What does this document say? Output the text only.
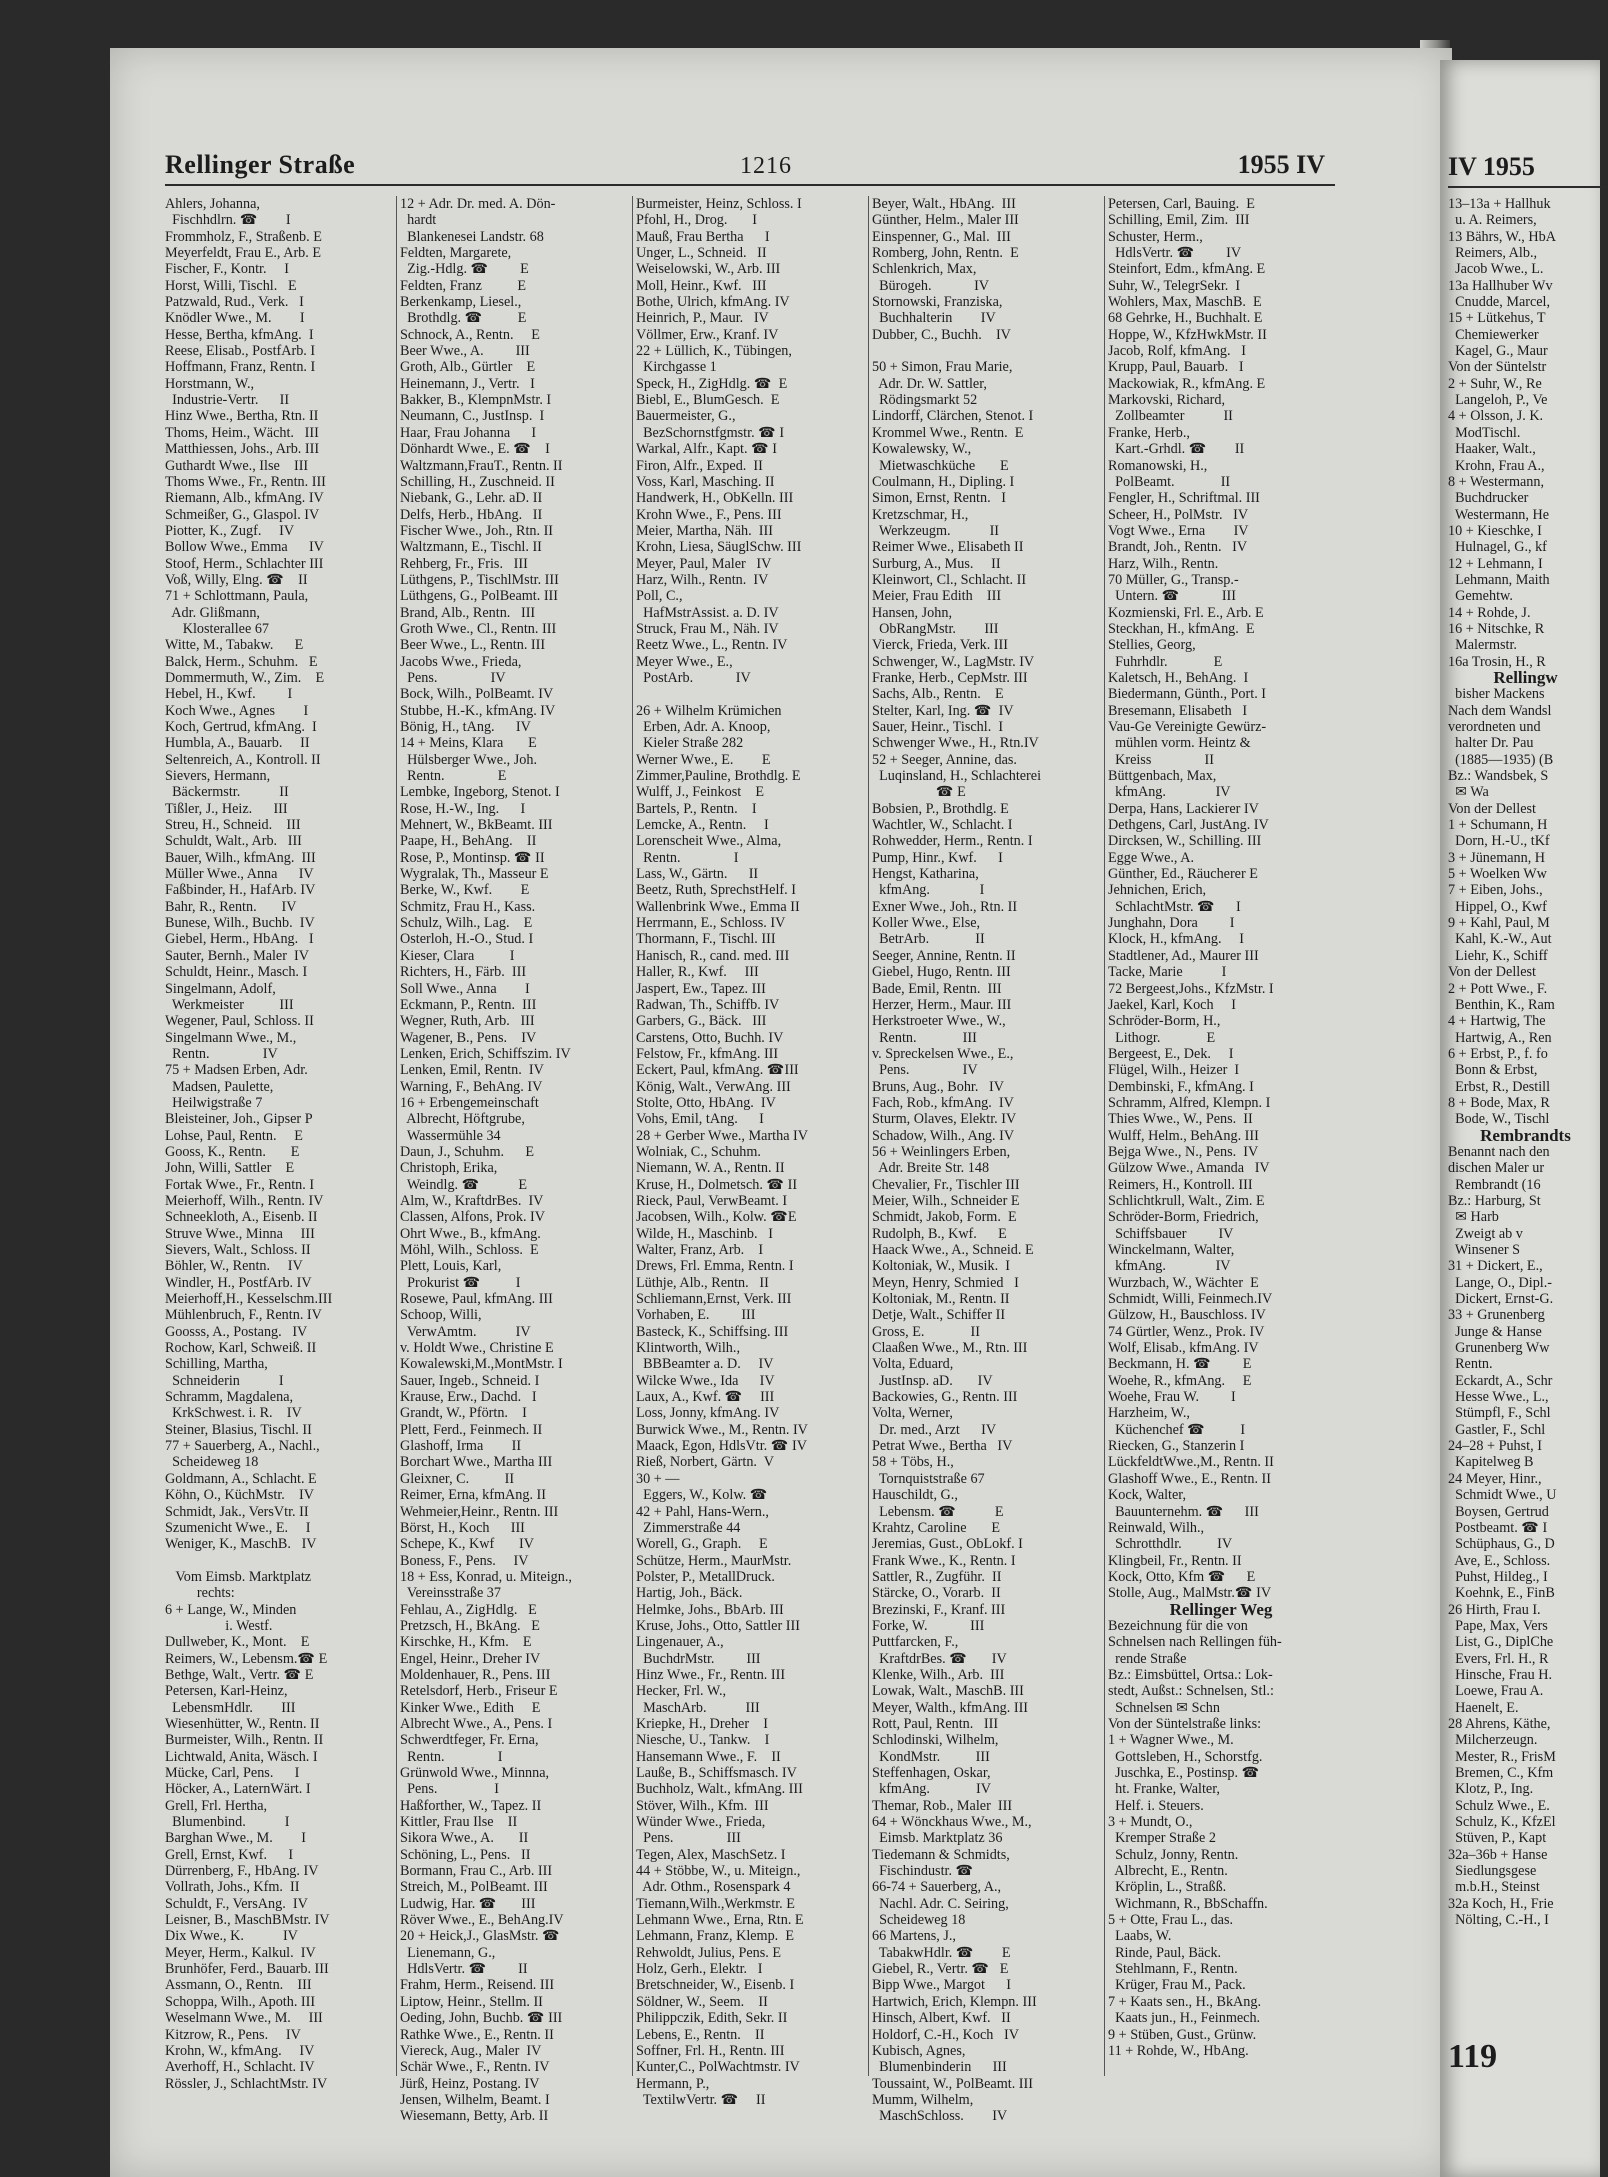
Rellinger Straße	1216	1955 IV	IV 1955
Ahlers, Johanna,
Fischhdlrn. ☎        I
Frommholz, F., Straßenb. E
Meyerfeldt, Frau E., Arb. E
Fischer, F., Kontr.     I
Horst, Willi, Tischl.   E
Patzwald, Rud., Verk.   I
Knödler Wwe., M.        I
Hesse, Bertha, kfmAng.  I
Reese, Elisab., PostfArb. I
Hoffmann, Franz, Rentn. I
Horstmann, W.,
Industrie-Vertr.      II
Hinz Wwe., Bertha, Rtn. II
Thoms, Heim., Wächt.   III
Matthiessen, Johs., Arb. III
Guthardt Wwe., Ilse    III
Thoms Wwe., Fr., Rentn. III
Riemann, Alb., kfmAng. IV
Schmeißer, G., Glaspol. IV
Piotter, K., Zugf.     IV
Bollow Wwe., Emma      IV
Stoof, Herm., Schlachter III
Voß, Willy, Elng. ☎    II
71 + Schlottmann, Paula,
Adr. Glißmann,
Klosterallee 67
Witte, M., Tabakw.      E
Balck, Herm., Schuhm.   E
Dommermuth, W., Zim.    E
Hebel, H., Kwf.         I
Koch Wwe., Agnes        I
Koch, Gertrud, kfmAng.  I
Humbla, A., Bauarb.     II
Seltenreich, A., Kontroll. II
Sievers, Hermann,
Bäckermstr.           II
Tißler, J., Heiz.      III
Streu, H., Schneid.    III
Schuldt, Walt., Arb.   III
Bauer, Wilh., kfmAng.  III
Müller Wwe., Anna      IV
Faßbinder, H., HafArb. IV
Bahr, R., Rentn.       IV
Bunese, Wilh., Buchb.  IV
Giebel, Herm., HbAng.   I
Sauter, Bernh., Maler  IV
Schuldt, Heinr., Masch. I
Singelmann, Adolf,
Werkmeister          III
Wegener, Paul, Schloss. II
Singelmann Wwe., M.,
Rentn.               IV
75 + Madsen Erben, Adr.
Madsen, Paulette,
Heilwigstraße 7
Bleisteiner, Joh., Gipser P
Lohse, Paul, Rentn.     E
Gooss, K., Rentn.       E
John, Willi, Sattler    E
Fortak Wwe., Fr., Rentn. I
Meierhoff, Wilh., Rentn. IV
Schneekloth, A., Eisenb. II
Struve Wwe., Minna     III
Sievers, Walt., Schloss. II
Böhler, W., Rentn.     IV
Windler, H., PostfArb. IV
Meierhoff,H., Kesselschm.III
Mühlenbruch, F., Rentn. IV
Goosss, A., Postang.   IV
Rochow, Karl, Schweiß. II
Schilling, Martha,
Schneiderin           I
Schramm, Magdalena,
KrkSchwest. i. R.    IV
Steiner, Blasius, Tischl. II
77 + Sauerberg, A., Nachl.,
Scheideweg 18
Goldmann, A., Schlacht. E
Köhn, O., KüchMstr.    IV
Schmidt, Jak., VersVtr. II
Szumenicht Wwe., E.     I
Weniger, K., MaschB.   IV
Vom Eimsb. Marktplatz
rechts:
6 + Lange, W., Minden
i. Westf.
Dullweber, K., Mont.    E
Reimers, W., Lebensm.☎ E
Bethge, Walt., Vertr. ☎ E
Petersen, Karl-Heinz,
LebensmHdlr.        III
Wiesenhütter, W., Rentn. II
Burmeister, Wilh., Rentn. II
Lichtwald, Anita, Wäsch. I
Mücke, Carl, Pens.      I
Höcker, A., LaternWärt. I
Grell, Frl. Hertha,
Blumenbind.           I
Barghan Wwe., M.        I
Grell, Ernst, Kwf.      I
Dürrenberg, F., HbAng. IV
Vollrath, Johs., Kfm.  II
Schuldt, F., VersAng.  IV
Leisner, B., MaschBMstr. IV
Dix Wwe., K.           IV
Meyer, Herm., Kalkul.  IV
Brunhöfer, Ferd., Bauarb. III
Assmann, O., Rentn.    III
Schoppa, Wilh., Apoth. III
Weselmann Wwe., M.     III
Kitzrow, R., Pens.     IV
Krohn, W., kfmAng.     IV
Averhoff, H., Schlacht. IV
Rössler, J., SchlachtMstr. IV
12 + Adr. Dr. med. A. Dön-
hardt
Blankenesei Landstr. 68
Feldten, Margarete,
Zig.-Hdlg. ☎         E
Feldten, Franz          E
Berkenkamp, Liesel.,
Brothdlg. ☎          E
Schnock, A., Rentn.     E
Beer Wwe., A.         III
Groth, Alb., Gürtler    E
Heinemann, J., Vertr.   I
Bakker, B., KlempnMstr. I
Neumann, C., JustInsp.  I
Haar, Frau Johanna      I
Dönhardt Wwe., E. ☎    I
Waltzmann,FrauT., Rentn. II
Schilling, H., Zuschneid. II
Niebank, G., Lehr. aD. II
Delfs, Herb., HbAng.   II
Fischer Wwe., Joh., Rtn. II
Waltzmann, E., Tischl. II
Rehberg, Fr., Fris.   III
Lüthgens, P., TischlMstr. III
Lüthgens, G., PolBeamt. III
Brand, Alb., Rentn.   III
Groth Wwe., Cl., Rentn. III
Beer Wwe., L., Rentn. III
Jacobs Wwe., Frieda,
Pens.               IV
Bock, Wilh., PolBeamt. IV
Stubbe, H.-K., kfmAng. IV
Bönig, H., tAng.      IV
14 + Meins, Klara       E
Hülsberger Wwe., Joh.
Rentn.               E
Lembke, Ingeborg, Stenot. I
Rose, H.-W., Ing.      I
Mehnert, W., BkBeamt. III
Paape, H., BehAng.    II
Rose, P., Montinsp. ☎ II
Wygralak, Th., Masseur E
Berke, W., Kwf.        E
Schmitz, Frau H., Kass.
Schulz, Wilh., Lag.    E
Osterloh, H.-O., Stud. I
Kieser, Clara          I
Richters, H., Färb.  III
Soll Wwe., Anna        I
Eckmann, P., Rentn.  III
Wegner, Ruth, Arb.   III
Wagener, B., Pens.    IV
Lenken, Erich, Schiffszim. IV
Lenken, Emil, Rentn.  IV
Warning, F., BehAng. IV
16 + Erbengemeinschaft
Albrecht, Höftgrube,
Wassermühle 34
Daun, J., Schuhm.      E
Christoph, Erika,
Weindlg. ☎           E
Alm, W., KraftdrBes.  IV
Classen, Alfons, Prok. IV
Ohrt Wwe., B., kfmAng.
Möhl, Wilh., Schloss.  E
Plett, Louis, Karl,
Prokurist ☎          I
Rosewe, Paul, kfmAng. III
Schoop, Willi,
VerwAmtm.           IV
v. Holdt Wwe., Christine E
Kowalewski,M.,MontMstr. I
Sauer, Ingeb., Schneid. I
Krause, Erw., Dachd.   I
Grandt, W., Pförtn.    I
Plett, Ferd., Feinmech. II
Glashoff, Irma        II
Borchart Wwe., Martha III
Gleixner, C.          II
Reimer, Erna, kfmAng. II
Wehmeier,Heinr., Rentn. III
Börst, H., Koch      III
Schepe, K., Kwf       IV
Boness, F., Pens.     IV
18 + Ess, Konrad, u. Miteign.,
Vereinsstraße 37
Fehlau, A., ZigHdlg.   E
Pretzsch, H., BkAng.   E
Kirschke, H., Kfm.    E
Engel, Heinr., Dreher IV
Moldenhauer, R., Pens. III
Retelsdorf, Herb., Friseur E
Kinker Wwe., Edith     E
Albrecht Wwe., A., Pens. I
Schwerdtfeger, Fr. Erna,
Rentn.               I
Grünwold Wwe., Minnna,
Pens.                I
Haßforther, W., Tapez. II
Kittler, Frau Ilse    II
Sikora Wwe., A.       II
Schöning, L., Pens.   II
Bormann, Frau C., Arb. III
Streich, M., PolBeamt. III
Ludwig, Har. ☎       III
Röver Wwe., E., BehAng.IV
20 + Heick,J., GlasMstr. ☎
Lienemann, G.,
HdlsVertr. ☎         II
Frahm, Herm., Reisend. III
Liptow, Heinr., Stellm. II
Oeding, John, Buchb. ☎ III
Rathke Wwe., E., Rentn. II
Viereck, Aug., Maler  IV
Schär Wwe., F., Rentn. IV
Jürß, Heinz, Postang. IV
Jensen, Wilhelm, Beamt. I
Wiesemann, Betty, Arb. II
Burmeister, Heinz, Schloss. I
Pfohl, H., Drog.       I
Mauß, Frau Bertha      I
Unger, L., Schneid.   II
Weiselowski, W., Arb. III
Moll, Heinr., Kwf.   III
Bothe, Ulrich, kfmAng. IV
Heinrich, P., Maur.   IV
Völlmer, Erw., Kranf. IV
22 + Lüllich, K., Tübingen,
Kirchgasse 1
Speck, H., ZigHdlg. ☎  E
Biebl, E., BlumGesch.  E
Bauermeister, G.,
BezSchornstfgmstr. ☎ I
Warkal, Alfr., Kapt. ☎ I
Firon, Alfr., Exped.  II
Voss, Karl, Masching. II
Handwerk, H., ObKelln. III
Krohn Wwe., F., Pens. III
Meier, Martha, Näh.  III
Krohn, Liesa, SäuglSchw. III
Meyer, Paul, Maler   IV
Harz, Wilh., Rentn.  IV
Poll, C.,
HafMstrAssist. a. D. IV
Struck, Frau M., Näh. IV
Reetz Wwe., L., Rentn. IV
Meyer Wwe., E.,
PostArb.            IV
26 + Wilhelm Krümichen
Erben, Adr. A. Knoop,
Kieler Straße 282
Werner Wwe., E.        E
Zimmer,Pauline, Brothdlg. E
Wulff, J., Feinkost    E
Bartels, P., Rentn.    I
Lemcke, A., Rentn.     I
Lorenscheit Wwe., Alma,
Rentn.               I
Lass, W., Gärtn.      II
Beetz, Ruth, SprechstHelf. I
Wallenbrink Wwe., Emma II
Herrmann, E., Schloss. IV
Thormann, F., Tischl. III
Hanisch, R., cand. med. III
Haller, R., Kwf.     III
Jaspert, Ew., Tapez. III
Radwan, Th., Schiffb. IV
Garbers, G., Bäck.   III
Carstens, Otto, Buchh. IV
Felstow, Fr., kfmAng. III
Eckert, Paul, kfmAng. ☎III
König, Walt., VerwAng. III
Stolte, Otto, HbAng.  IV
Vohs, Emil, tAng.      I
28 + Gerber Wwe., Martha IV
Wolniak, C., Schuhm.
Niemann, W. A., Rentn. II
Kruse, H., Dolmetsch. ☎ II
Rieck, Paul, VerwBeamt. I
Jacobsen, Wilh., Kolw. ☎E
Wilde, H., Maschinb.   I
Walter, Franz, Arb.    I
Drews, Frl. Emma, Rentn. I
Lüthje, Alb., Rentn.   II
Schliemann,Ernst, Verk. III
Vorhaben, E.         III
Basteck, K., Schiffsing. III
Klintworth, Wilh.,
BBBeamter a. D.     IV
Wilcke Wwe., Ida      IV
Laux, A., Kwf. ☎     III
Loss, Jonny, kfmAng. IV
Burwick Wwe., M., Rentn. IV
Maack, Egon, HdlsVtr. ☎ IV
Rieß, Norbert, Gärtn.  V
30 + —
Eggers, W., Kolw. ☎
42 + Pahl, Hans-Wern.,
Zimmerstraße 44
Worell, G., Graph.     E
Schütze, Herm., MaurMstr.
Polster, P., MetallDruck.
Hartig, Joh., Bäck.
Helmke, Johs., BbArb. III
Kruse, Johs., Otto, Sattler III
Lingenauer, A.,
BuchdrMstr.         III
Hinz Wwe., Fr., Rentn. III
Hecker, Frl. W.,
MaschArb.           III
Kriepke, H., Dreher    I
Niesche, U., Tankw.    I
Hansemann Wwe., F.    II
Lauße, B., Schiffsmasch. IV
Buchholz, Walt., kfmAng. III
Stöver, Wilh., Kfm.  III
Wünder Wwe., Frieda,
Pens.               III
Tegen, Alex, MaschSetz. I
44 + Stöbbe, W., u. Miteign.,
Adr. Othm., Rosenspark 4
Tiemann,Wilh.,Werkmstr. E
Lehmann Wwe., Erna, Rtn. E
Lehmann, Franz, Klemp.  E
Rehwoldt, Julius, Pens. E
Holz, Gerh., Elektr.   I
Bretschneider, W., Eisenb. I
Söldner, W., Seem.    II
Philippczik, Edith, Sekr. II
Lebens, E., Rentn.    II
Soffner, Frl. H., Rentn. III
Kunter,C., PolWachtmstr. IV
Hermann, P.,
TextilwVertr. ☎     II
Beyer, Walt., HbAng.  III
Günther, Helm., Maler III
Einspenner, G., Mal.  III
Romberg, John, Rentn.  E
Schlenkrich, Max,
Bürogeh.            IV
Stornowski, Franziska,
Buchhalterin        IV
Dubber, C., Buchh.    IV
50 + Simon, Frau Marie,
Adr. Dr. W. Sattler,
Rödingsmarkt 52
Lindorff, Clärchen, Stenot. I
Krommel Wwe., Rentn.  E
Kowalewsky, W.,
Mietwaschküche       E
Coulmann, H., Dipling. I
Simon, Ernst, Rentn.   I
Kretzschmar, H.,
Werkzeugm.           II
Reimer Wwe., Elisabeth II
Surburg, A., Mus.     II
Kleinwort, Cl., Schlacht. II
Meier, Frau Edith    III
Hansen, John,
ObRangMstr.        III
Vierck, Frieda, Verk. III
Schwenger, W., LagMstr. IV
Franke, Herb., CepMstr. III
Sachs, Alb., Rentn.    E
Stelter, Karl, Ing. ☎  IV
Sauer, Heinr., Tischl.  I
Schwenger Wwe., H., Rtn.IV
52 + Seeger, Annine, das.
Luqinsland, H., Schlachterei
☎ E
Bobsien, P., Brothdlg. E
Wachtler, W., Schlacht. I
Rohwedder, Herm., Rentn. I
Pump, Hinr., Kwf.      I
Hengst, Katharina,
kfmAng.              I
Exner Wwe., Joh., Rtn. II
Koller Wwe., Else,
BetrArb.             II
Seeger, Annine, Rentn. II
Giebel, Hugo, Rentn. III
Bade, Emil, Rentn.  III
Herzer, Herm., Maur. III
Herkstroeter Wwe., W.,
Rentn.             III
v. Spreckelsen Wwe., E.,
Pens.               IV
Bruns, Aug., Bohr.   IV
Fach, Rob., kfmAng.  IV
Sturm, Olaves, Elektr. IV
Schadow, Wilh., Ang. IV
56 + Weinlingers Erben,
Adr. Breite Str. 148
Chevalier, Fr., Tischler III
Meier, Wilh., Schneider E
Schmidt, Jakob, Form.  E
Rudolph, B., Kwf.      E
Haack Wwe., A., Schneid. E
Koltoniak, W., Musik.  I
Meyn, Henry, Schmied   I
Koltoniak, M., Rentn. II
Detje, Walt., Schiffer II
Gross, E.             II
Claaßen Wwe., M., Rtn. III
Volta, Eduard,
JustInsp. aD.       IV
Backowies, G., Rentn. III
Volta, Werner,
Dr. med., Arzt      IV
Petrat Wwe., Bertha   IV
58 + Töbs, H.,
Tornquiststraße 67
Hauschildt, G.,
Lebensm. ☎           E
Krahtz, Caroline       E
Jeremias, Gust., ObLokf. I
Frank Wwe., K., Rentn. I
Sattler, R., Zugführ.  II
Stärcke, O., Vorarb.  II
Brezinski, F., Kranf. III
Forke, W.            III
Puttfarcken, F.,
KraftdrBes. ☎       IV
Klenke, Wilh., Arb.  III
Lowak, Walt., MaschB. III
Meyer, Walth., kfmAng. III
Rott, Paul, Rentn.   III
Schlodinski, Wilhelm,
KondMstr.          III
Steffenhagen, Oskar,
kfmAng.             IV
Themar, Rob., Maler  III
64 + Wönckhaus Wwe., M.,
Eimsb. Marktplatz 36
Tiedemann & Schmidts,
Fischindustr. ☎
66-74 + Sauerberg, A.,
Nachl. Adr. C. Seiring,
Scheideweg 18
66 Martens, J.,
TabakwHdlr. ☎        E
Giebel, R., Vertr. ☎   E
Bipp Wwe., Margot      I
Hartwich, Erich, Klempn. III
Hinsch, Albert, Kwf.   II
Holdorf, C.-H., Koch   IV
Kubisch, Agnes,
Blumenbinderin      III
Toussaint, W., PolBeamt. III
Mumm, Wilhelm,
MaschSchloss.        IV
Petersen, Carl, Bauing.  E
Schilling, Emil, Zim.  III
Schuster, Herm.,
HdlsVertr. ☎         IV
Steinfort, Edm., kfmAng. E
Suhr, W., TelegrSekr.  I
Wohlers, Max, MaschB.  E
68 Gehrke, H., Buchhalt. E
Hoppe, W., KfzHwkMstr. II
Jacob, Rolf, kfmAng.   I
Krupp, Paul, Bauarb.   I
Mackowiak, R., kfmAng. E
Markovski, Richard,
Zollbeamter           II
Franke, Herb.,
Kart.-Grhdl. ☎        II
Romanowski, H.,
PolBeamt.             II
Fengler, H., Schriftmal. III
Scheer, H., PolMstr.   IV
Vogt Wwe., Erna        IV
Brandt, Joh., Rentn.   IV
Harz, Wilh., Rentn.
70 Müller, G., Transp.-
Untern. ☎            III
Kozmienski, Frl. E., Arb. E
Steckhan, H., kfmAng.  E
Stellies, Georg,
Fuhrhdlr.             E
Kaletsch, H., BehAng.  I
Biedermann, Günth., Port. I
Bresemann, Elisabeth   I
Vau-Ge Vereinigte Gewürz-
mühlen vorm. Heintz &
Kreiss               II
Büttgenbach, Max,
kfmAng.              IV
Derpa, Hans, Lackierer IV
Dethgens, Carl, JustAng. IV
Dircksen, W., Schilling. III
Egge Wwe., A.
Günther, Ed., Räucherer E
Jehnichen, Erich,
SchlachtMstr. ☎      I
Junghahn, Dora         I
Klock, H., kfmAng.     I
Stadtlener, Ad., Maurer III
Tacke, Marie           I
72 Bergeest,Johs., KfzMstr. I
Jaekel, Karl, Koch     I
Schröder-Borm, H.,
Lithogr.             E
Bergeest, E., Dek.     I
Flügel, Wilh., Heizer  I
Dembinski, F., kfmAng. I
Schramm, Alfred, Klempn. I
Thies Wwe., W., Pens.  II
Wulff, Helm., BehAng. III
Bejga Wwe., N., Pens.  IV
Gülzow Wwe., Amanda   IV
Reimers, H., Kontroll. III
Schlichtkrull, Walt., Zim. E
Schröder-Borm, Friedrich,
Schiffsbauer         IV
Winckelmann, Walter,
kfmAng.              IV
Wurzbach, W., Wächter  E
Schmidt, Willi, Feinmech.IV
Gülzow, H., Bauschloss. IV
74 Gürtler, Wenz., Prok. IV
Wolf, Elisab., kfmAng. IV
Beckmann, H. ☎         E
Woehe, R., kfmAng.     E
Woehe, Frau W.         I
Harzheim, W.,
Küchenchef ☎          I
Riecken, G., Stanzerin I
LückfeldtWwe.,M., Rentn. II
Glashoff Wwe., E., Rentn. II
Kock, Walter,
Bauunternehm. ☎      III
Reinwald, Wilh.,
Schrotthdlr.          IV
Klingbeil, Fr., Rentn. II
Kock, Otto, Kfm ☎      E
Stolle, Aug., MalMstr.☎ IV
Rellinger Weg
Bezeichnung für die von
Schnelsen nach Rellingen füh-
rende Straße
Bz.: Eimsbüttel, Ortsa.: Lok-
stedt, Außst.: Schnelsen, Stl.:
Schnelsen ✉ Schn
Von der Süntelstraße links:
1 + Wagner Wwe., M.
Gottsleben, H., Schorstfg.
Juschka, E., Postinsp. ☎
ht. Franke, Walter,
Helf. i. Steuers.
3 + Mundt, O.,
Kremper Straße 2
Schulz, Jonny, Rentn.
Albrecht, E., Rentn.
Kröplin, L., Straßß.
Wichmann, R., BbSchaffn.
5 + Otte, Frau L., das.
Laabs, W.
Rinde, Paul, Bäck.
Stehlmann, F., Rentn.
Krüger, Frau M., Pack.
7 + Kaats sen., H., BkAng.
Kaats jun., H., Feinmech.
9 + Stüben, Gust., Grünw.
11 + Rohde, W., HbAng.
13–13a + Hallhuk
u. A. Reimers,
13 Bährs, W., HbA
Reimers, Alb.,
Jacob Wwe., L.
13a Hallhuber Wv
Cnudde, Marcel,
15 + Lütkehus, T
Chemiewerker
Kagel, G., Maur
Von der Süntelstr
2 + Suhr, W., Re
Langeloh, P., Ve
4 + Olsson, J. K.
ModTischl.
Haaker, Walt.,
Krohn, Frau A.,
8 + Westermann,
Buchdrucker
Westermann, He
10 + Kieschke, I
Hulnagel, G., kf
12 + Lehmann, I
Lehmann, Maith
Gemehtw.
14 + Rohde, J.
16 + Nitschke, R
Malermstr.
16a Trosin, H., R
Rellingw
bisher Mackens
Nach dem Wandsl
verordneten und
halter Dr. Pau
(1885—1935) (B
Bz.: Wandsbek, S
✉ Wa
Von der Dellest
1 + Schumann, H
Dorn, H.-U., tKf
3 + Jünemann, H
5 + Woelken Ww
7 + Eiben, Johs.,
Hippel, O., Kwf
9 + Kahl, Paul, M
Kahl, K.-W., Aut
Liehr, K., Schiff
Von der Dellest
2 + Pott Wwe., F.
Benthin, K., Ram
4 + Hartwig, The
Hartwig, A., Ren
6 + Erbst, P., f. fo
Bonn & Erbst,
Erbst, R., Destill
8 + Bode, Max, R
Bode, W., Tischl
Rembrandts
Benannt nach den
dischen Maler ur
Rembrandt (16
Bz.: Harburg, St
✉ Harb
Zweigt ab v
Winsener S
31 + Dickert, E.,
Lange, O., Dipl.-
Dickert, Ernst-G.
33 + Grunenberg
Junge & Hanse
Grunenberg Ww
Rentn.
Eckardt, A., Schr
Hesse Wwe., L.,
Stümpfl, F., Schl
Gastler, F., Schl
24–28 + Puhst, I
Kapitelweg B
24 Meyer, Hinr.,
Schmidt Wwe., U
Boysen, Gertrud
Postbeamt. ☎ I
Schüphaus, G., D
Ave, E., Schloss.
Puhst, Hildeg., I
Koehnk, E., FinB
26 Hirth, Frau I.
Pape, Max, Vers
List, G., DiplChe
Evers, Frl. H., R
Hinsche, Frau H.
Loewe, Frau A.
Haenelt, E.
28 Ahrens, Käthe,
Milcherzeugn.
Mester, R., FrisM
Bremen, C., Kfm
Klotz, P., Ing.
Schulz Wwe., E.
Schulz, K., KfzEl
Stüven, P., Kapt
32a–36b + Hanse
Siedlungsgese
m.b.H., Steinst
32a Koch, H., Frie
Nölting, C.-H., I
119
